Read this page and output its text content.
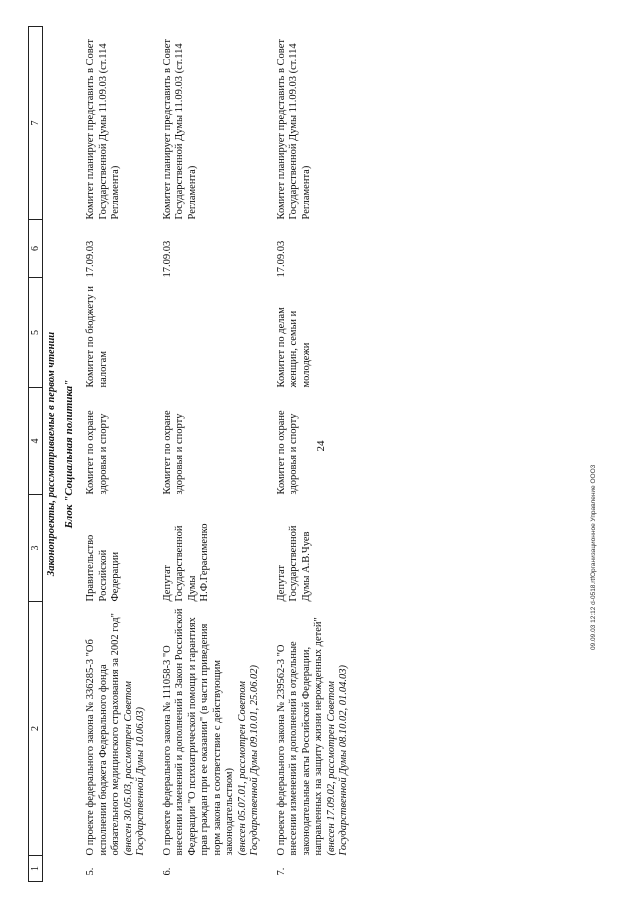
24
09.09.03 12:12 d-0518.rtfОрганизационное Управление ООО3
1	2	3	4	5	6	7
Законопроекты, рассматриваемые в первом чтении						
Блок "Социальная политика"						
5.	О проекте федерального закона № 336285-3 "Об исполнении бюджета Федерального фонда обязательного медицинского страхования за 2002 год" (внесен 30.05.03, рассмотрен Советом Государственной Думы 10.06.03)	Правительство Российской Федерации	Комитет по охране здоровья и спорту	Комитет по бюджету и налогам	17.09.03	Комитет планирует представить в Совет Государственной Думы 11.09.03 (ст.114 Регламента)
6.	О проекте федерального закона № 111058-3 "О внесении изменений и дополнений в Закон Российской Федерации "О психиатрической помощи и гарантиях прав граждан при ее оказании" (в части приведения норм закона в соответствие с действующим законодательством) (внесен 05.07.01, рассмотрен Советом Государственной Думы 09.10.01, 25.06.02)	Депутат Государственной Думы Н.Ф.Герасименко	Комитет по охране здоровья и спорту		17.09.03	Комитет планирует представить в Совет Государственной Думы 11.09.03 (ст.114 Регламента)
7.	О проекте федерального закона № 239562-3 "О внесении изменений и дополнений в отдельные законодательные акты Российской Федерации, направленных на защиту жизни нерожденных детей" (внесен 17.09.02, рассмотрен Советом Государственной Думы 08.10.02, 01.04.03)	Депутат Государственной Думы А.В.Чуев	Комитет по охране здоровья и спорту	Комитет по делам женщин, семьи и молодежи	17.09.03	Комитет планирует представить в Совет Государственной Думы 11.09.03 (ст.114 Регламента)
